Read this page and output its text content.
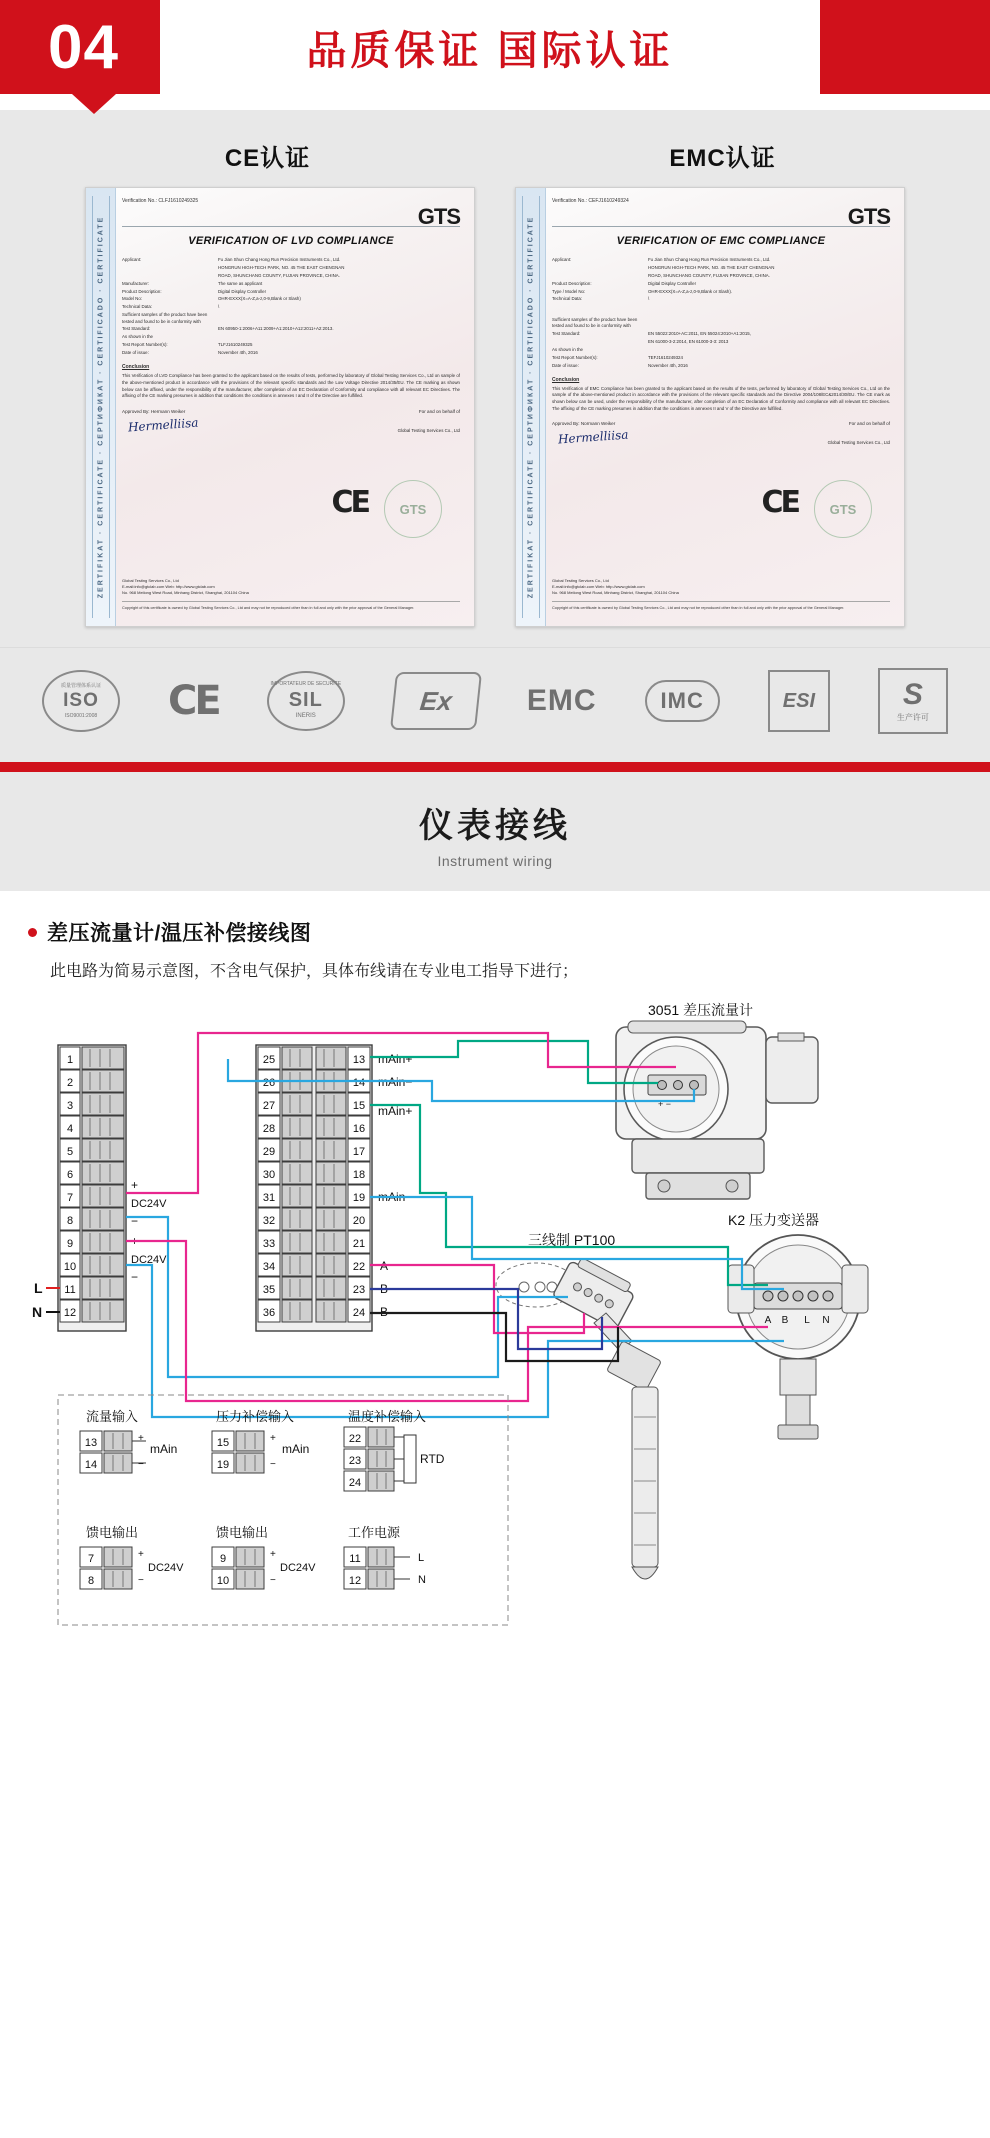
04	品质保证 国际认证
CE认证	EMC认证
ZERTIFIKAT · CERTIFICATE · CEPTИФИКАТ · CERTIFICADO · CERTIFICATE
Verification No.: CLFJ1610249325
GTS
VERIFICATION OF LVD COMPLIANCE
Applicant:	Fu Jian Shun Chang Hong Run Precision Instruments Co., Ltd.
HONGRUN HIGH-TECH PARK, NO. 45 THE EAST CHENGNAN
ROAD, SHUNCHANG COUNTY, FUJIAN PROVINCE, CHINA.
Manufacturer:	The same as applicant
Product Description:	Digital Display Controller
Model No:	OHR-EXXX(X=A-Z,a-z,0-9,Blank or Slash)
Technical Data:	\
Sufficient samples of the product have been tested and found to be in conformity with
Test Standard:	EN 60950-1:2006+A11:2009+A1:2010+A12:2011+A2:2013.
As shown in the
Test Report Number(s):	TLFJ1610249325
Date of issue:	November 4th, 2016
Conclusion
This Verification of LVD Compliance has been granted to the applicant based on the results of tests, performed by laboratory of Global Testing Services Co., Ltd on sample of the above-mentioned product in accordance with the provisions of the relevant specific standards and the Low Voltage Directive 2014/35/EU. The CE marking as shown below can be affixed, under the responsibility of the manufacturer, after completion of an EC Declaration of Conformity and compliance with all relevant EC Directives. The affixing of the CE marking presumes in addition that conditions the conditions in annexes I and II of the Directive are fulfilled.
Approved By: Hermann Weiker	For and on behalf of
Hermelliisa	Global Testing Services Co., Ltd
CE	GTS
Global Testing Services Co., Ltd
E-mail:info@gtclab.com Web: http://www.gtclab.com
No. 968 Meilong West Road, Minhang District, Shanghai, 201104 China
Copyright of this certificate is owned by Global Testing Services Co., Ltd and may not be reproduced other than in full and only with the prior approval of the General Manager.
ZERTIFIKAT · CERTIFICATE · CEPTИФИКАТ · CERTIFICADO · CERTIFICATE
Verification No.: CEFJ1610249324
GTS
VERIFICATION OF EMC COMPLIANCE
Applicant:	Fu Jian Shun Chang Hong Run Precision Instruments Co., Ltd.
HONGRUN HIGH-TECH PARK, NO. 45 THE EAST CHENGNAN
ROAD, SHUNCHANG COUNTY, FUJIAN PROVINCE, CHINA.
Product Description:	Digital Display Controller
Type / Model No:	OHR-EXXX(X=A-Z,a-z,0-9,Blank or Slash).
Technical Data:	\
Sufficient samples of the product have been tested and found to be in conformity with
Test Standard:	EN 55022:2010+AC:2011, EN 55024:2010+A1:2015,
EN 61000-3-2:2014, EN 61000-3-3: 2013
As shown in the
Test Report Number(s):	TEFJ1610249324
Date of issue:	November 4th, 2016
Conclusion
This Verification of EMC Compliance has been granted to the applicant based on the results of the tests, performed by laboratory of Global Testing Services Co., Ltd on the sample of the above-mentioned product in accordance with the provisions of the relevant specific standards and the Directive 2004/108/EC&2014/30/EU. The CE mark as shown below can be used, under the responsibility of the manufacturer, after completion of an EC Declaration of Conformity and compliance with all relevant EC Directives. The affixing of the CE marking presumes in addition that the conditions in annexes II and V of the Directive are fulfilled.
Approved By: Normann Weiker	For and on behalf of
Hermelliisa	Global Testing Services Co., Ltd
CE	GTS
Global Testing Services Co., Ltd
E-mail:info@gtclab.com Web: http://www.gtclab.com
No. 968 Meilong West Road, Minhang District, Shanghai, 201104 China
Copyright of this certificate is owned by Global Testing Services Co., Ltd and may not be reproduced other than in full and only with the prior approval of the General Manager.
质量管理体系认证
ISO
ISO9001:2008 CE	IMPORTATEUR DE SECURITE
SIL
INERIS
Ex	EMC	IMC	ESI	S
生产许可
仪表接线
Instrument wiring
差压流量计/温压补偿接线图
此电路为简易示意图，不含电气保护，具体布线请在专业电工指导下进行；
1
2
3
4
5
6
7
8
9
10
11
12
+
DC24V
−
+
DC24V
−
L
N
25
26
27
28
29
30
31
32
33
34
35
36
13
14
15
16
17
18
19
20
21
22
23
24
mAin+
mAin−
mAin+
mAin−
A
B
B
3051 差压流量计
+ −
K2 压力变送器
A B L N
三线制 PT100
流量输入	压力补偿输入	温度补偿输入
馈电输出	馈电输出	工作电源
13
14
+
−
mAin	15
19
+
−
mAin
22
23
24
RTD
7
8
+
−
DC24V
9
10
+
−
DC24V
11
12
L
N
